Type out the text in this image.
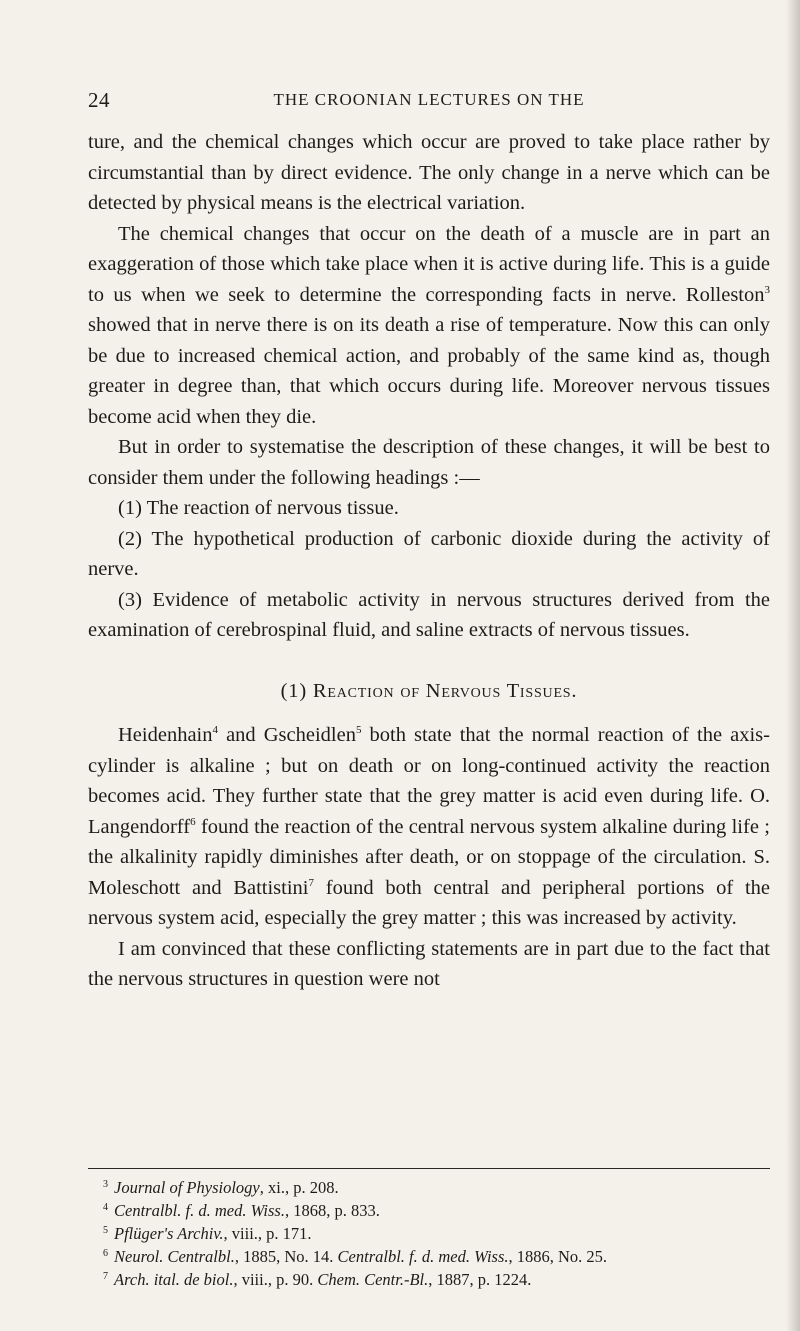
24	THE CROONIAN LECTURES ON THE

ture, and the chemical changes which occur are proved to take place rather by circumstantial than by direct evidence. The only change in a nerve which can be detected by physical means is the electrical variation.

The chemical changes that occur on the death of a muscle are in part an exaggeration of those which take place when it is active during life. This is a guide to us when we seek to determine the corresponding facts in nerve. Rolleston$^3$ showed that in nerve there is on its death a rise of temperature. Now this can only be due to increased chemical action, and probably of the same kind as, though greater in degree than, that which occurs during life. Moreover nervous tissues become acid when they die.

But in order to systematise the description of these changes, it will be best to consider them under the following headings :—

(1) The reaction of nervous tissue.

(2) The hypothetical production of carbonic dioxide during the activity of nerve.

(3) Evidence of metabolic activity in nervous structures derived from the examination of cerebrospinal fluid, and saline extracts of nervous tissues.

(1) Reaction of Nervous Tissues.

Heidenhain$^4$ and Gscheidlen$^5$ both state that the normal reaction of the axis-cylinder is alkaline ; but on death or on long-continued activity the reaction becomes acid. They further state that the grey matter is acid even during life. O. Langendorff$^6$ found the reaction of the central nervous system alkaline during life ; the alkalinity rapidly diminishes after death, or on stoppage of the circulation. S. Moleschott and Battistini$^7$ found both central and peripheral portions of the nervous system acid, especially the grey matter ; this was increased by activity.

I am convinced that these conflicting statements are in part due to the fact that the nervous structures in question were not

3 Journal of Physiology, xi., p. 208.

4 Centralbl. f. d. med. Wiss., 1868, p. 833.

5 Pflüger's Archiv., viii., p. 171.

6 Neurol. Centralbl., 1885, No. 14. Centralbl. f. d. med. Wiss., 1886, No. 25.

7 Arch. ital. de biol., viii., p. 90. Chem. Centr.-Bl., 1887, p. 1224.
